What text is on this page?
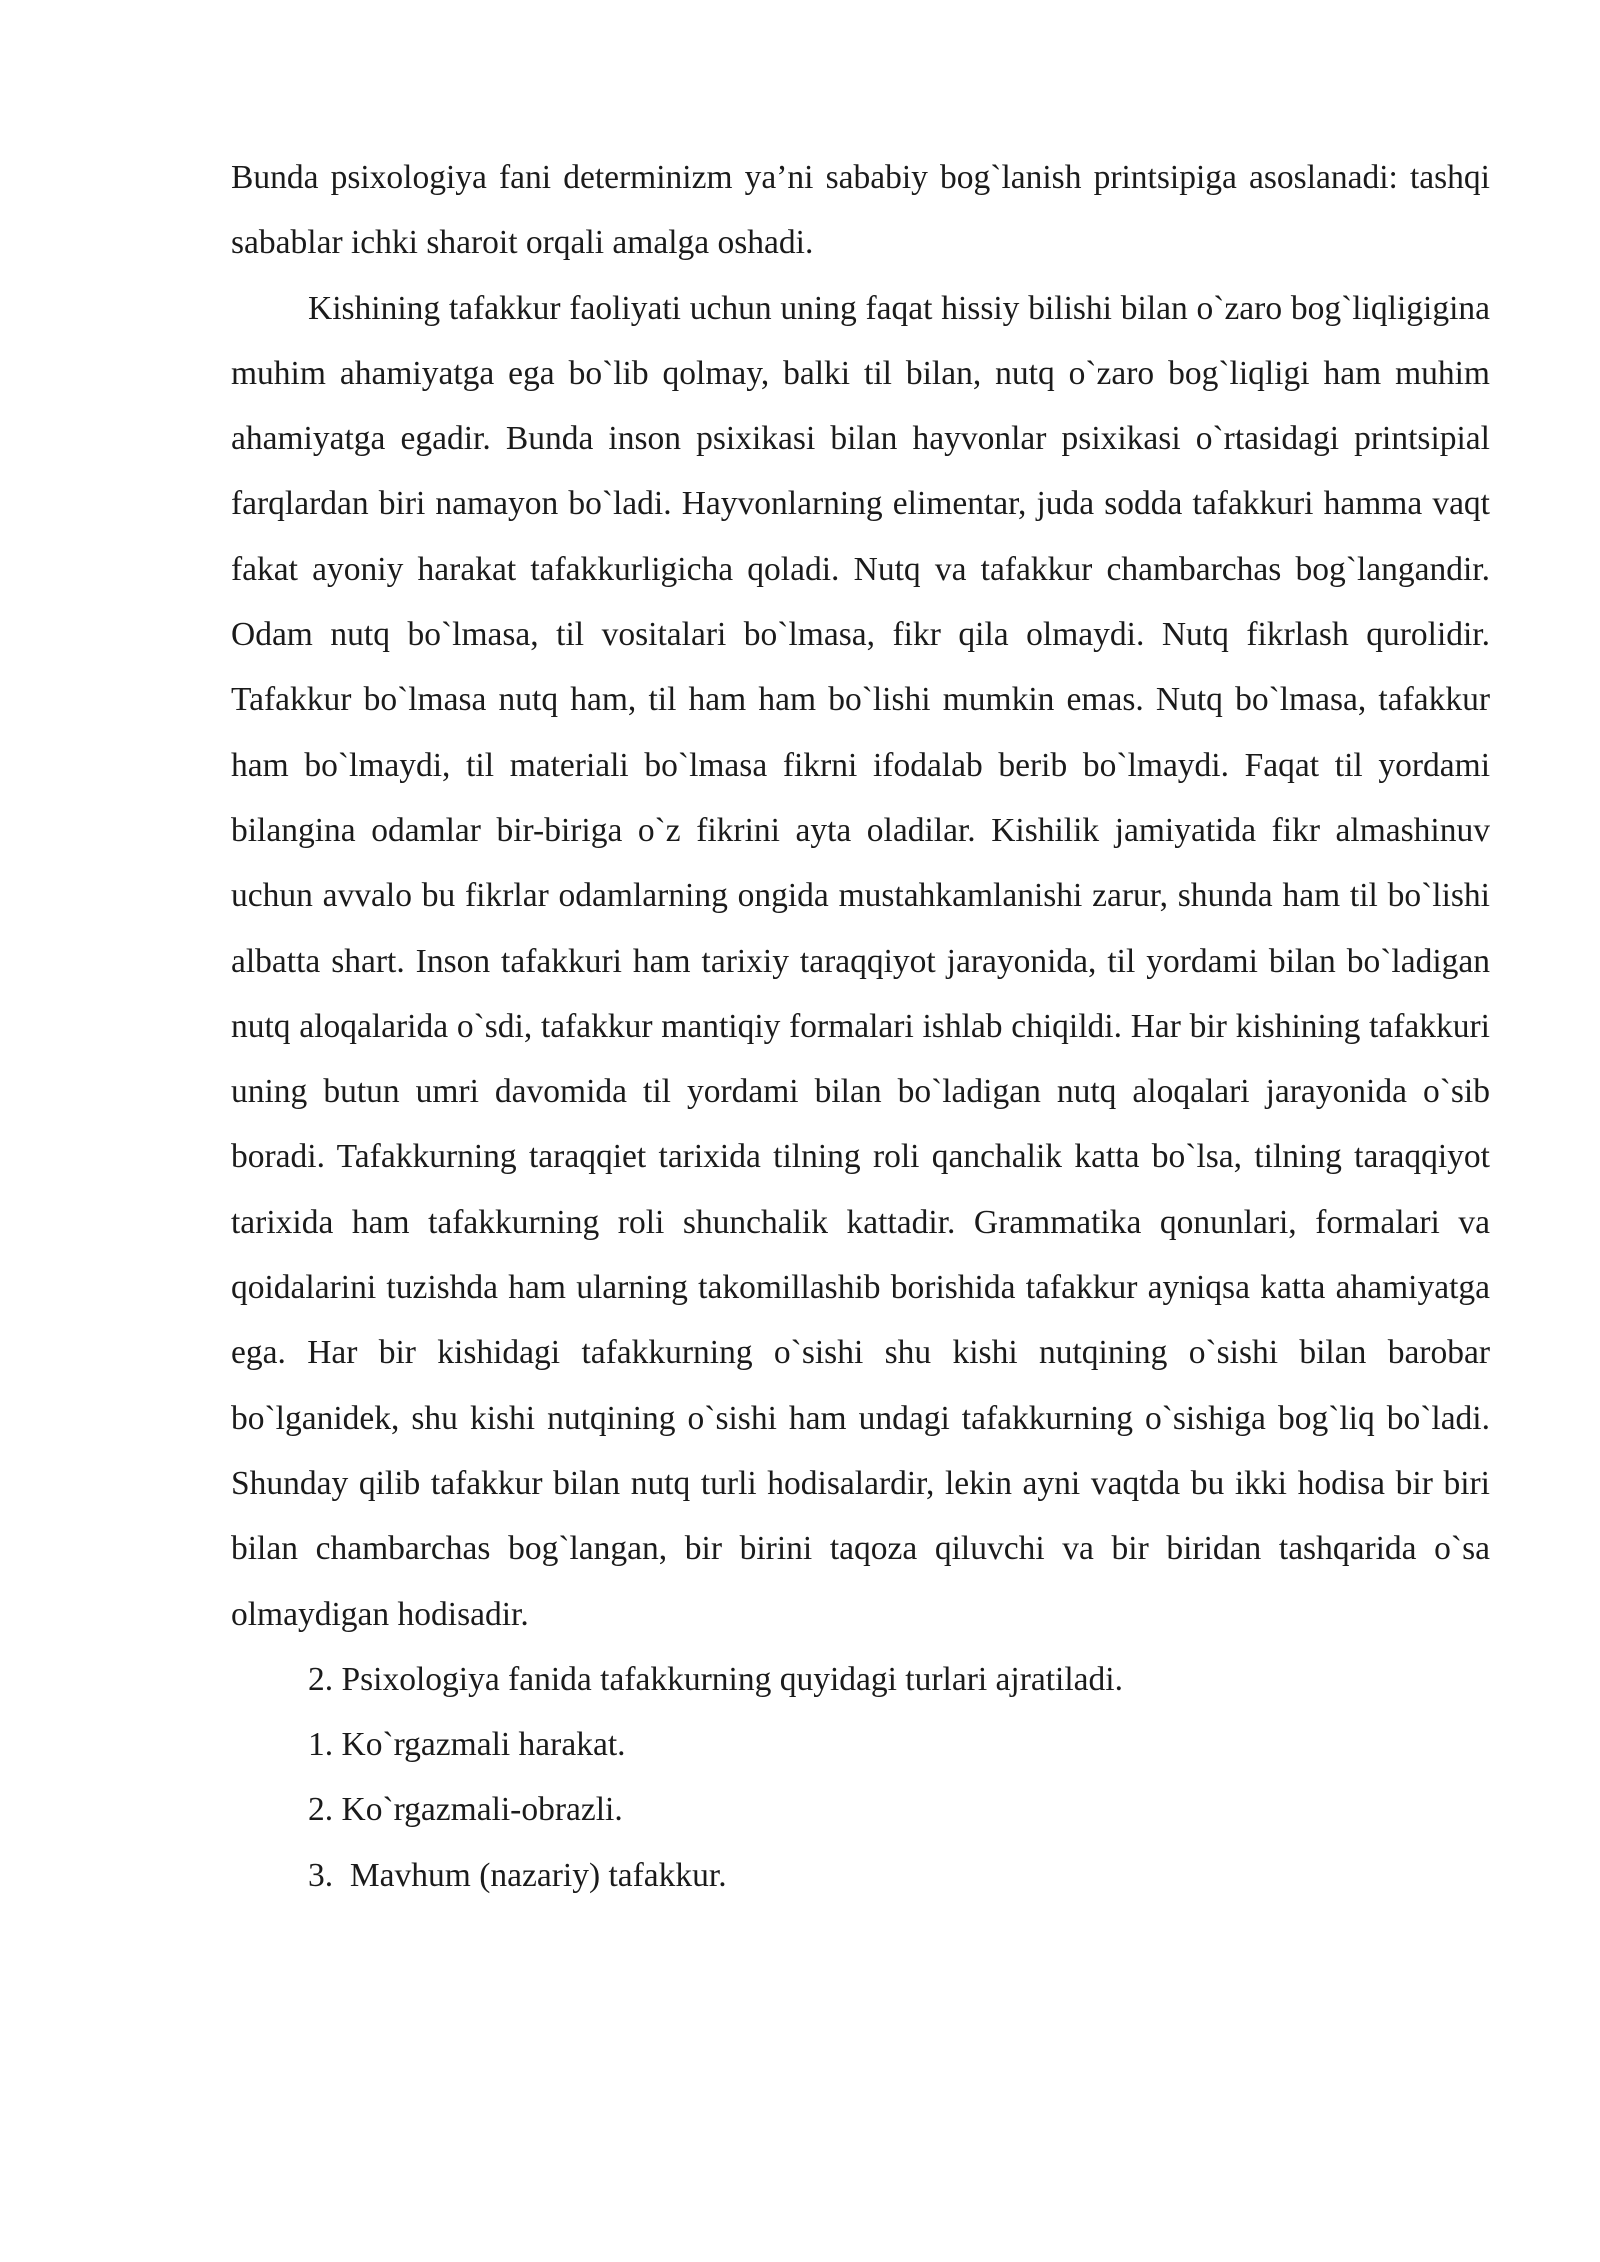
Bunda psixologiya fani determinizm ya’ni sababiy bog`lanish printsipiga asoslanadi: tashqi sabablar ichki sharoit orqali amalga oshadi.

Kishining tafakkur faoliyati uchun uning faqat hissiy bilishi bilan o`zaro bog`liqligigina muhim ahamiyatga ega bo`lib qolmay, balki til bilan, nutq o`zaro bog`liqligi ham muhim ahamiyatga egadir. Bunda inson psixikasi bilan hayvonlar psixikasi o`rtasidagi printsipial farqlardan biri namayon bo`ladi. Hayvonlarning elimentar, juda sodda tafakkuri hamma vaqt fakat ayoniy harakat tafakkurligicha qoladi. Nutq va tafakkur chambarchas bog`langandir. Odam nutq bo`lmasa, til vositalari bo`lmasa, fikr qila olmaydi. Nutq fikrlash qurolidir. Tafakkur bo`lmasa nutq ham, til ham ham bo`lishi mumkin emas. Nutq bo`lmasa, tafakkur ham bo`lmaydi, til materiali bo`lmasa fikrni ifodalab berib bo`lmaydi. Faqat til yordami bilangina odamlar bir-biriga o`z fikrini ayta oladilar. Kishilik jamiyatida fikr almashinuv uchun avvalo bu fikrlar odamlarning ongida mustahkamlanishi zarur, shunda ham til bo`lishi albatta shart. Inson tafakkuri ham tarixiy taraqqiyot jarayonida, til yordami bilan bo`ladigan nutq aloqalarida o`sdi, tafakkur mantiqiy formalari ishlab chiqildi. Har bir kishining tafakkuri uning butun umri davomida til yordami bilan bo`ladigan nutq aloqalari jarayonida o`sib boradi. Tafakkurning taraqqiet tarixida tilning roli qanchalik katta bo`lsa, tilning taraqqiyot tarixida ham tafakkurning roli shunchalik kattadir. Grammatika qonunlari, formalari va qoidalarini tuzishda ham ularning takomillashib borishida tafakkur ayniqsa katta ahamiyatga ega. Har bir kishidagi tafakkurning o`sishi shu kishi nutqining o`sishi bilan barobar bo`lganidek, shu kishi nutqining o`sishi ham undagi tafakkurning o`sishiga bog`liq bo`ladi. Shunday qilib tafakkur bilan nutq turli hodisalardir, lekin ayni vaqtda bu ikki hodisa bir biri bilan chambarchas bog`langan, bir birini taqoza qiluvchi va bir biridan tashqarida o`sa olmaydigan hodisadir.

2. Psixologiya fanida tafakkurning quyidagi turlari ajratiladi.

1. Ko`rgazmali harakat.

2. Ko`rgazmali-obrazli.

3.  Mavhum (nazariy) tafakkur.
